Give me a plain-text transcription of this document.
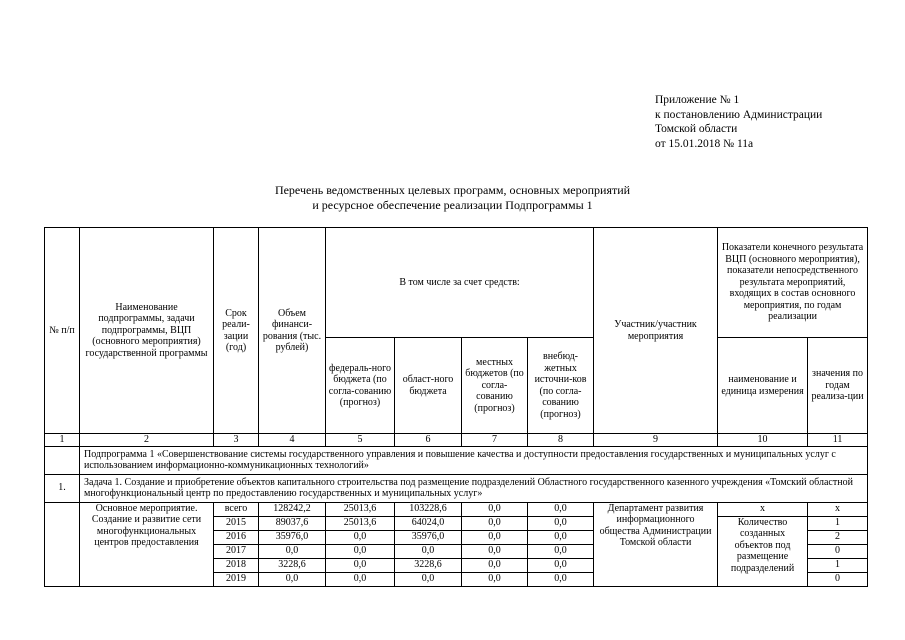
Приложение № 1
к постановлению Администрации
Томской области
от 15.01.2018 № 11а
Перечень ведомственных целевых программ, основных мероприятий
и ресурсное обеспечение реализации Подпрограммы 1
№ п/п	Наименование подпрограммы, задачи подпрограммы, ВЦП (основного мероприятия) государственной программы	Срок реали-зации (год)	Объем финанси-рования (тыс. рублей)	В том числе за счет средств:				Участник/участник мероприятия	Показатели конечного результата ВЦП (основного мероприятия), показатели непосредственного результата мероприятий, входящих в состав основного мероприятия, по годам реализации	
				федераль-ного бюджета (по согла-сованию (прогноз)	област-ного бюджета	местных бюджетов (по согла-сованию (прогноз)	внебюд-жетных источни-ков (по согла-сованию (прогноз)		наименование и единица измерения	значения по годам реализа-ции
1	2	3	4	5	6	7	8	9	10	11
	Подпрограмма 1 «Совершенствование системы государственного управления и повышение качества и доступности предоставления государственных и муниципальных услуг с использованием информационно-коммуникационных технологий»									
1.	Задача 1. Создание и приобретение объектов капитального строительства под размещение подразделений Областного государственного казенного учреждения «Томский областной многофункциональный центр по предоставлению государственных и муниципальных услуг»									
	Основное мероприятие. Создание и развитие сети многофункциональных центров предоставления	всего	128242,2	25013,6	103228,6	0,0	0,0	Департамент развития информационного общества Администрации Томской области	x	x
		2015	89037,6	25013,6	64024,0	0,0	0,0		Количество созданных объектов под размещение подразделений	1
		2016	35976,0	0,0	35976,0	0,0	0,0			2
		2017	0,0	0,0	0,0	0,0	0,0			0
		2018	3228,6	0,0	3228,6	0,0	0,0			1
		2019	0,0	0,0	0,0	0,0	0,0			0
